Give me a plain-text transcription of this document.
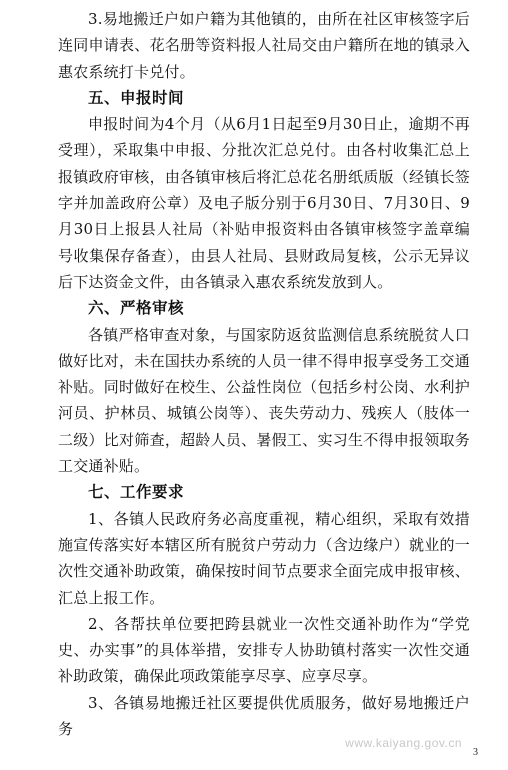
3.易地搬迁户如户籍为其他镇的，由所在社区审核签字后连同申请表、花名册等资料报人社局交由户籍所在地的镇录入惠农系统打卡兑付。

五、申报时间

申报时间为4个月（从6月1日起至9月30日止，逾期不再受理），采取集中申报、分批次汇总兑付。由各村收集汇总上报镇政府审核，由各镇审核后将汇总花名册纸质版（经镇长签字并加盖政府公章）及电子版分别于6月30日、7月30日、9月30日上报县人社局（补贴申报资料由各镇审核签字盖章编号收集保存备查），由县人社局、县财政局复核，公示无异议后下达资金文件，由各镇录入惠农系统发放到人。

六、严格审核

各镇严格审查对象，与国家防返贫监测信息系统脱贫人口做好比对，未在国扶办系统的人员一律不得申报享受务工交通补贴。同时做好在校生、公益性岗位（包括乡村公岗、水利护河员、护林员、城镇公岗等）、丧失劳动力、残疾人（肢体一二级）比对筛查，超龄人员、暑假工、实习生不得申报领取务工交通补贴。

七、工作要求

1、各镇人民政府务必高度重视，精心组织，采取有效措施宣传落实好本辖区所有脱贫户劳动力（含边缘户）就业的一次性交通补助政策，确保按时间节点要求全面完成申报审核、汇总上报工作。

2、各帮扶单位要把跨县就业一次性交通补助作为“学党史、办实事”的具体举措，安排专人协助镇村落实一次性交通补助政策，确保此项政策能享尽享、应享尽享。

3、各镇易地搬迁社区要提供优质服务，做好易地搬迁户务

www.kaiyang.gov.cn
3
